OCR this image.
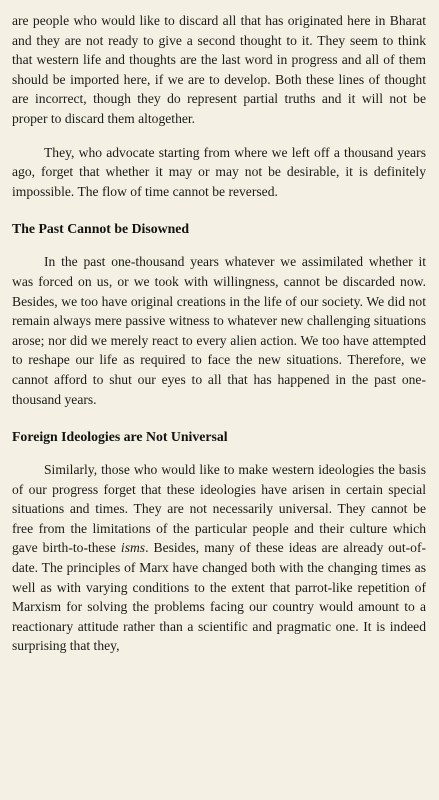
are people who would like to discard all that has originated here in Bharat and they are not ready to give a second thought to it. They seem to think that western life and thoughts are the last word in progress and all of them should be imported here, if we are to develop. Both these lines of thought are incorrect, though they do represent partial truths and it will not be proper to discard them altogether.

They, who advocate starting from where we left off a thousand years ago, forget that whether it may or may not be desirable, it is definitely impossible. The flow of time cannot be reversed.

The Past Cannot be Disowned

In the past one-thousand years whatever we assimilated whether it was forced on us, or we took with willingness, cannot be discarded now. Besides, we too have original creations in the life of our society. We did not remain always mere passive witness to whatever new challenging situations arose; nor did we merely react to every alien action. We too have attempted to reshape our life as required to face the new situations. Therefore, we cannot afford to shut our eyes to all that has happened in the past one-thousand years.

Foreign Ideologies are Not Universal

Similarly, those who would like to make western ideologies the basis of our progress forget that these ideologies have arisen in certain special situations and times. They are not necessarily universal. They cannot be free from the limitations of the particular people and their culture which gave birth-to-these isms. Besides, many of these ideas are already out-of-date. The principles of Marx have changed both with the changing times as well as with varying conditions to the extent that parrot-like repetition of Marxism for solving the problems facing our country would amount to a reactionary attitude rather than a scientific and pragmatic one. It is indeed surprising that they,
